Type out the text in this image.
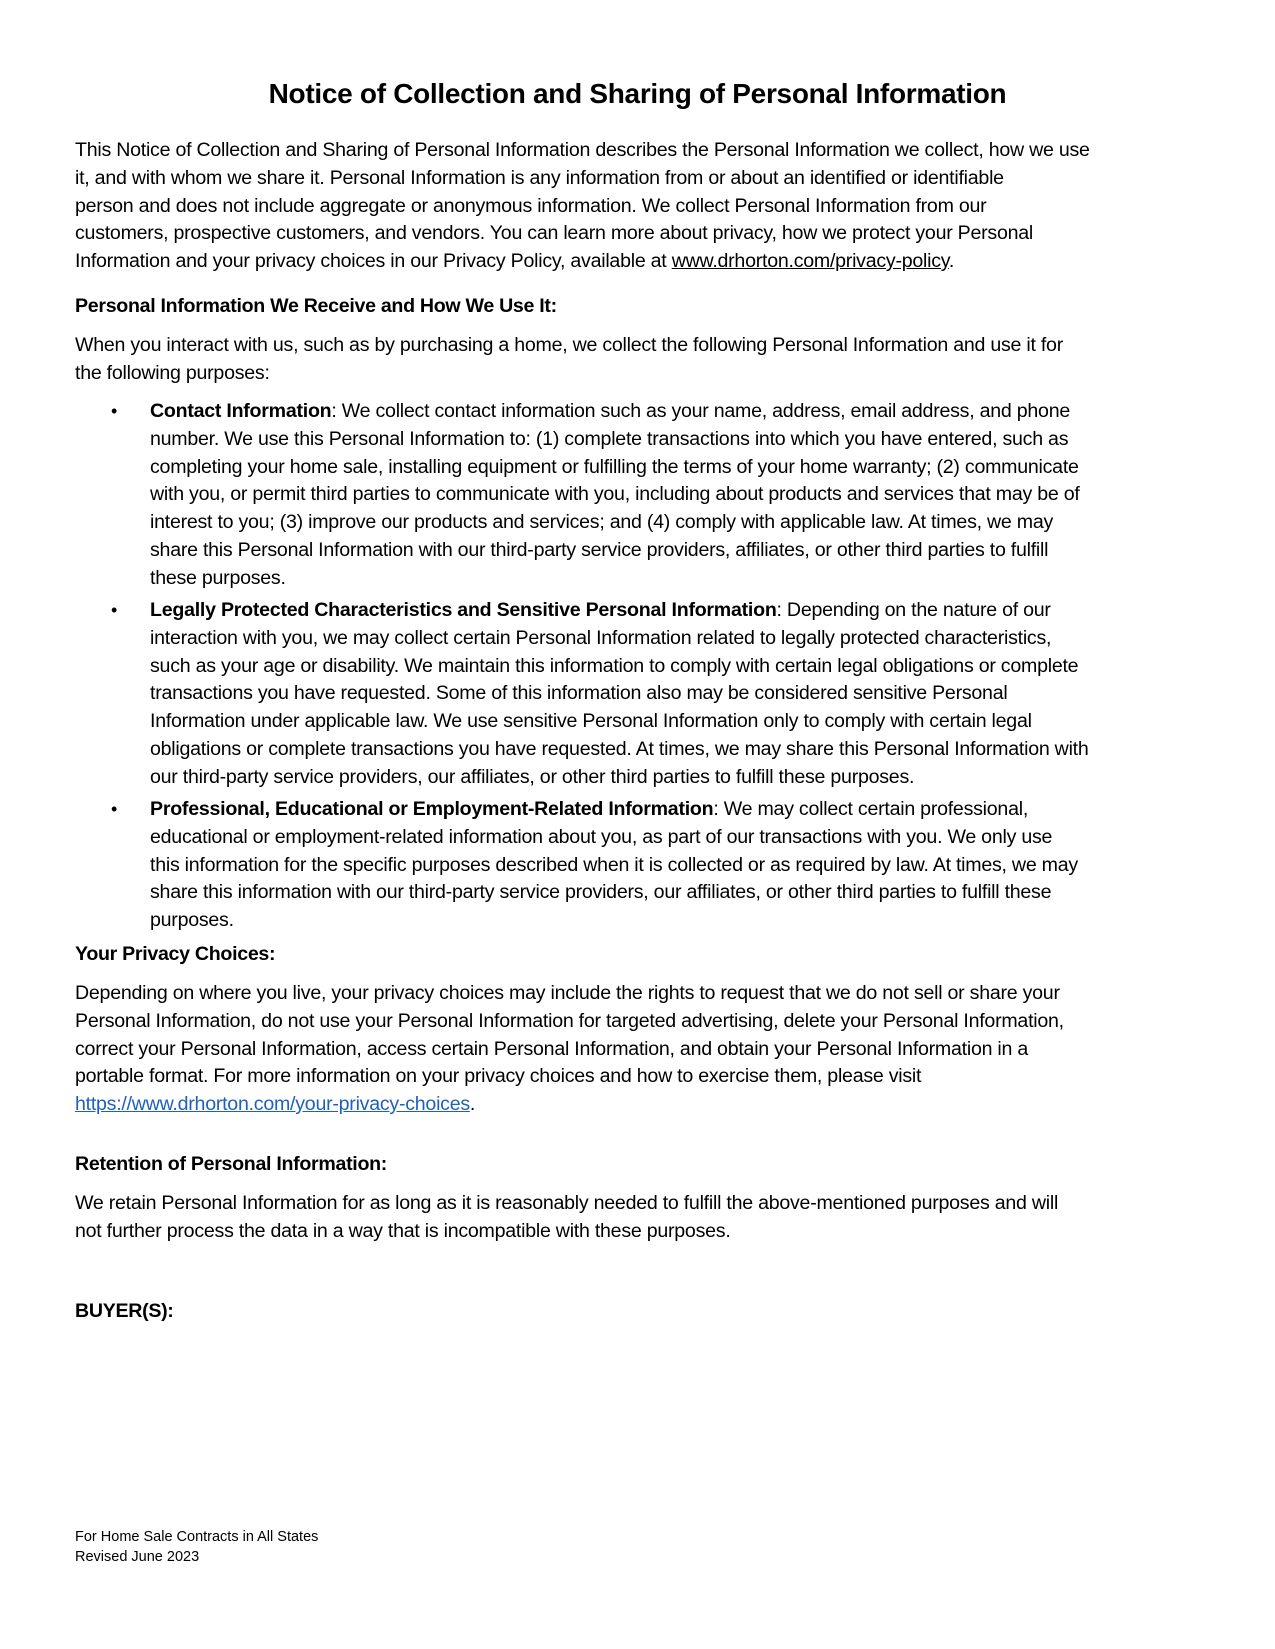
Notice of Collection and Sharing of Personal Information
This Notice of Collection and Sharing of Personal Information describes the Personal Information we collect, how we use
it, and with whom we share it. Personal Information is any information from or about an identified or identifiable
person and does not include aggregate or anonymous information. We collect Personal Information from our
customers, prospective customers, and vendors. You can learn more about privacy, how we protect your Personal
Information and your privacy choices in our Privacy Policy, available at www.drhorton.com/privacy-policy.
Personal Information We Receive and How We Use It:
When you interact with us, such as by purchasing a home, we collect the following Personal Information and use it for
the following purposes:
• Contact Information: We collect contact information such as your name, address, email address, and phone
number. We use this Personal Information to: (1) complete transactions into which you have entered, such as
completing your home sale, installing equipment or fulfilling the terms of your home warranty; (2) communicate
with you, or permit third parties to communicate with you, including about products and services that may be of
interest to you; (3) improve our products and services; and (4) comply with applicable law. At times, we may
share this Personal Information with our third-party service providers, affiliates, or other third parties to fulfill
these purposes.
• Legally Protected Characteristics and Sensitive Personal Information: Depending on the nature of our
interaction with you, we may collect certain Personal Information related to legally protected characteristics,
such as your age or disability. We maintain this information to comply with certain legal obligations or complete
transactions you have requested. Some of this information also may be considered sensitive Personal
Information under applicable law. We use sensitive Personal Information only to comply with certain legal
obligations or complete transactions you have requested. At times, we may share this Personal Information with
our third-party service providers, our affiliates, or other third parties to fulfill these purposes.
• Professional, Educational or Employment-Related Information: We may collect certain professional,
educational or employment-related information about you, as part of our transactions with you. We only use
this information for the specific purposes described when it is collected or as required by law. At times, we may
share this information with our third-party service providers, our affiliates, or other third parties to fulfill these
purposes.
Your Privacy Choices:
Depending on where you live, your privacy choices may include the rights to request that we do not sell or share your
Personal Information, do not use your Personal Information for targeted advertising, delete your Personal Information,
correct your Personal Information, access certain Personal Information, and obtain your Personal Information in a
portable format. For more information on your privacy choices and how to exercise them, please visit
https://www.drhorton.com/your-privacy-choices.
Retention of Personal Information:
We retain Personal Information for as long as it is reasonably needed to fulfill the above-mentioned purposes and will
not further process the data in a way that is incompatible with these purposes.
BUYER(S):
For Home Sale Contracts in All States
Revised June 2023
